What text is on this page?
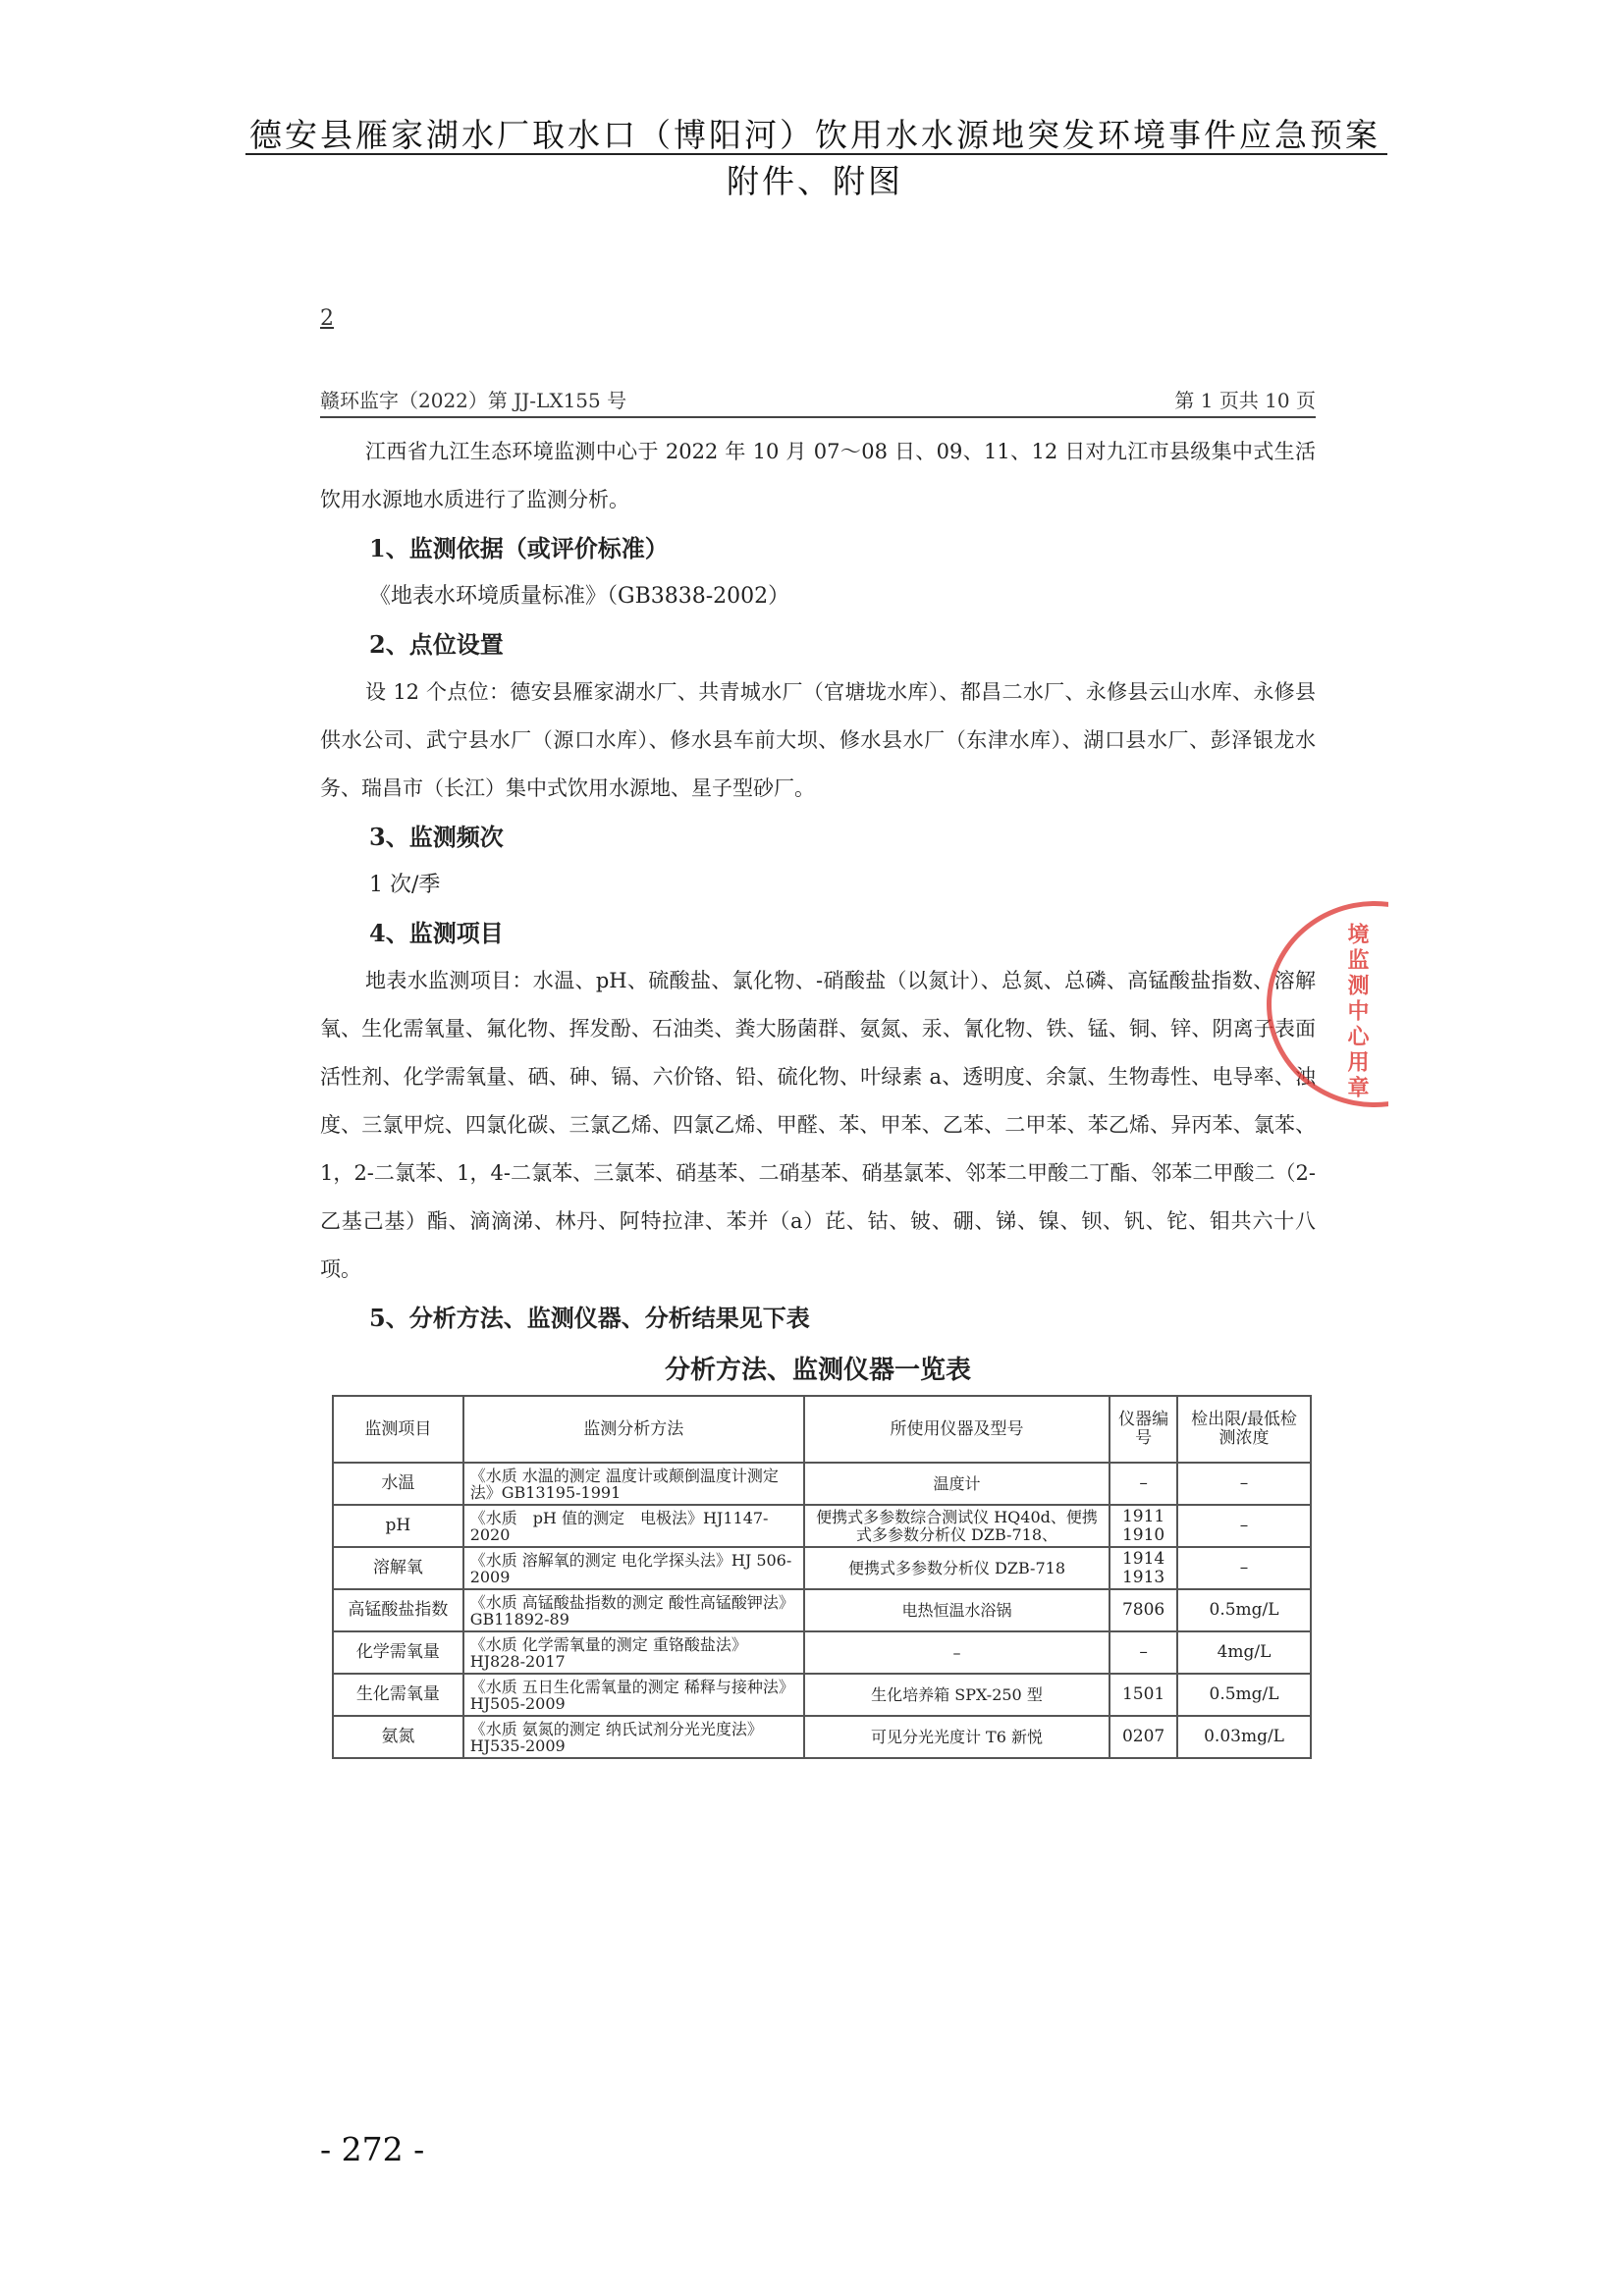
德安县雁家湖水厂取水口（博阳河）饮用水水源地突发环境事件应急预案附件、附图
2
赣环监字（2022）第 JJ-LX155 号	第 1 页共 10 页

江西省九江生态环境监测中心于 2022 年 10 月 07～08 日、09、11、12 日对九江市县级集中式生活饮用水源地水质进行了监测分析。

1、监测依据（或评价标准）

《地表水环境质量标准》（GB3838-2002）

2、点位设置

设 12 个点位：德安县雁家湖水厂、共青城水厂（官塘垅水库）、都昌二水厂、永修县云山水库、永修县供水公司、武宁县水厂（源口水库）、修水县车前大坝、修水县水厂（东津水库）、湖口县水厂、彭泽银龙水务、瑞昌市（长江）集中式饮用水源地、星子型砂厂。

3、监测频次

1 次/季

4、监测项目

地表水监测项目：水温、pH、硫酸盐、氯化物、-硝酸盐（以氮计）、总氮、总磷、高锰酸盐指数、溶解氧、生化需氧量、氟化物、挥发酚、石油类、粪大肠菌群、氨氮、汞、氰化物、铁、锰、铜、锌、阴离子表面活性剂、化学需氧量、硒、砷、镉、六价铬、铅、硫化物、叶绿素 a、透明度、余氯、生物毒性、电导率、浊度、三氯甲烷、四氯化碳、三氯乙烯、四氯乙烯、甲醛、苯、甲苯、乙苯、二甲苯、苯乙烯、异丙苯、氯苯、1，2-二氯苯、1，4-二氯苯、三氯苯、硝基苯、二硝基苯、硝基氯苯、邻苯二甲酸二丁酯、邻苯二甲酸二（2-乙基己基）酯、滴滴涕、林丹、阿特拉津、苯并（a）芘、钴、铍、硼、锑、镍、钡、钒、铊、钼共六十八项。

5、分析方法、监测仪器、分析结果见下表

分析方法、监测仪器一览表

境监测中心用章
监测项目	监测分析方法	所使用仪器及型号	仪器编号	检出限/最低检测浓度
水温	《水质 水温的测定 温度计或颠倒温度计测定法》GB13195-1991	温度计	–	–
pH	《水质　pH 值的测定　电极法》HJ1147-2020	便携式多参数综合测试仪 HQ40d、便携式多参数分析仪 DZB-718、	1911 1910	–
溶解氧	《水质 溶解氧的测定 电化学探头法》HJ 506-2009	便携式多参数分析仪 DZB-718	1914 1913	–
高锰酸盐指数	《水质 高锰酸盐指数的测定 酸性高锰酸钾法》　　GB11892-89	电热恒温水浴锅	7806	0.5mg/L
化学需氧量	《水质 化学需氧量的测定 重铬酸盐法》HJ828-2017	–	–	4mg/L
生化需氧量	《水质 五日生化需氧量的测定 稀释与接种法》HJ505-2009	生化培养箱 SPX-250 型	1501	0.5mg/L
氨氮	《水质 氨氮的测定 纳氏试剂分光光度法》HJ535-2009	可见分光光度计 T6 新悦	0207	0.03mg/L
- 272 -
